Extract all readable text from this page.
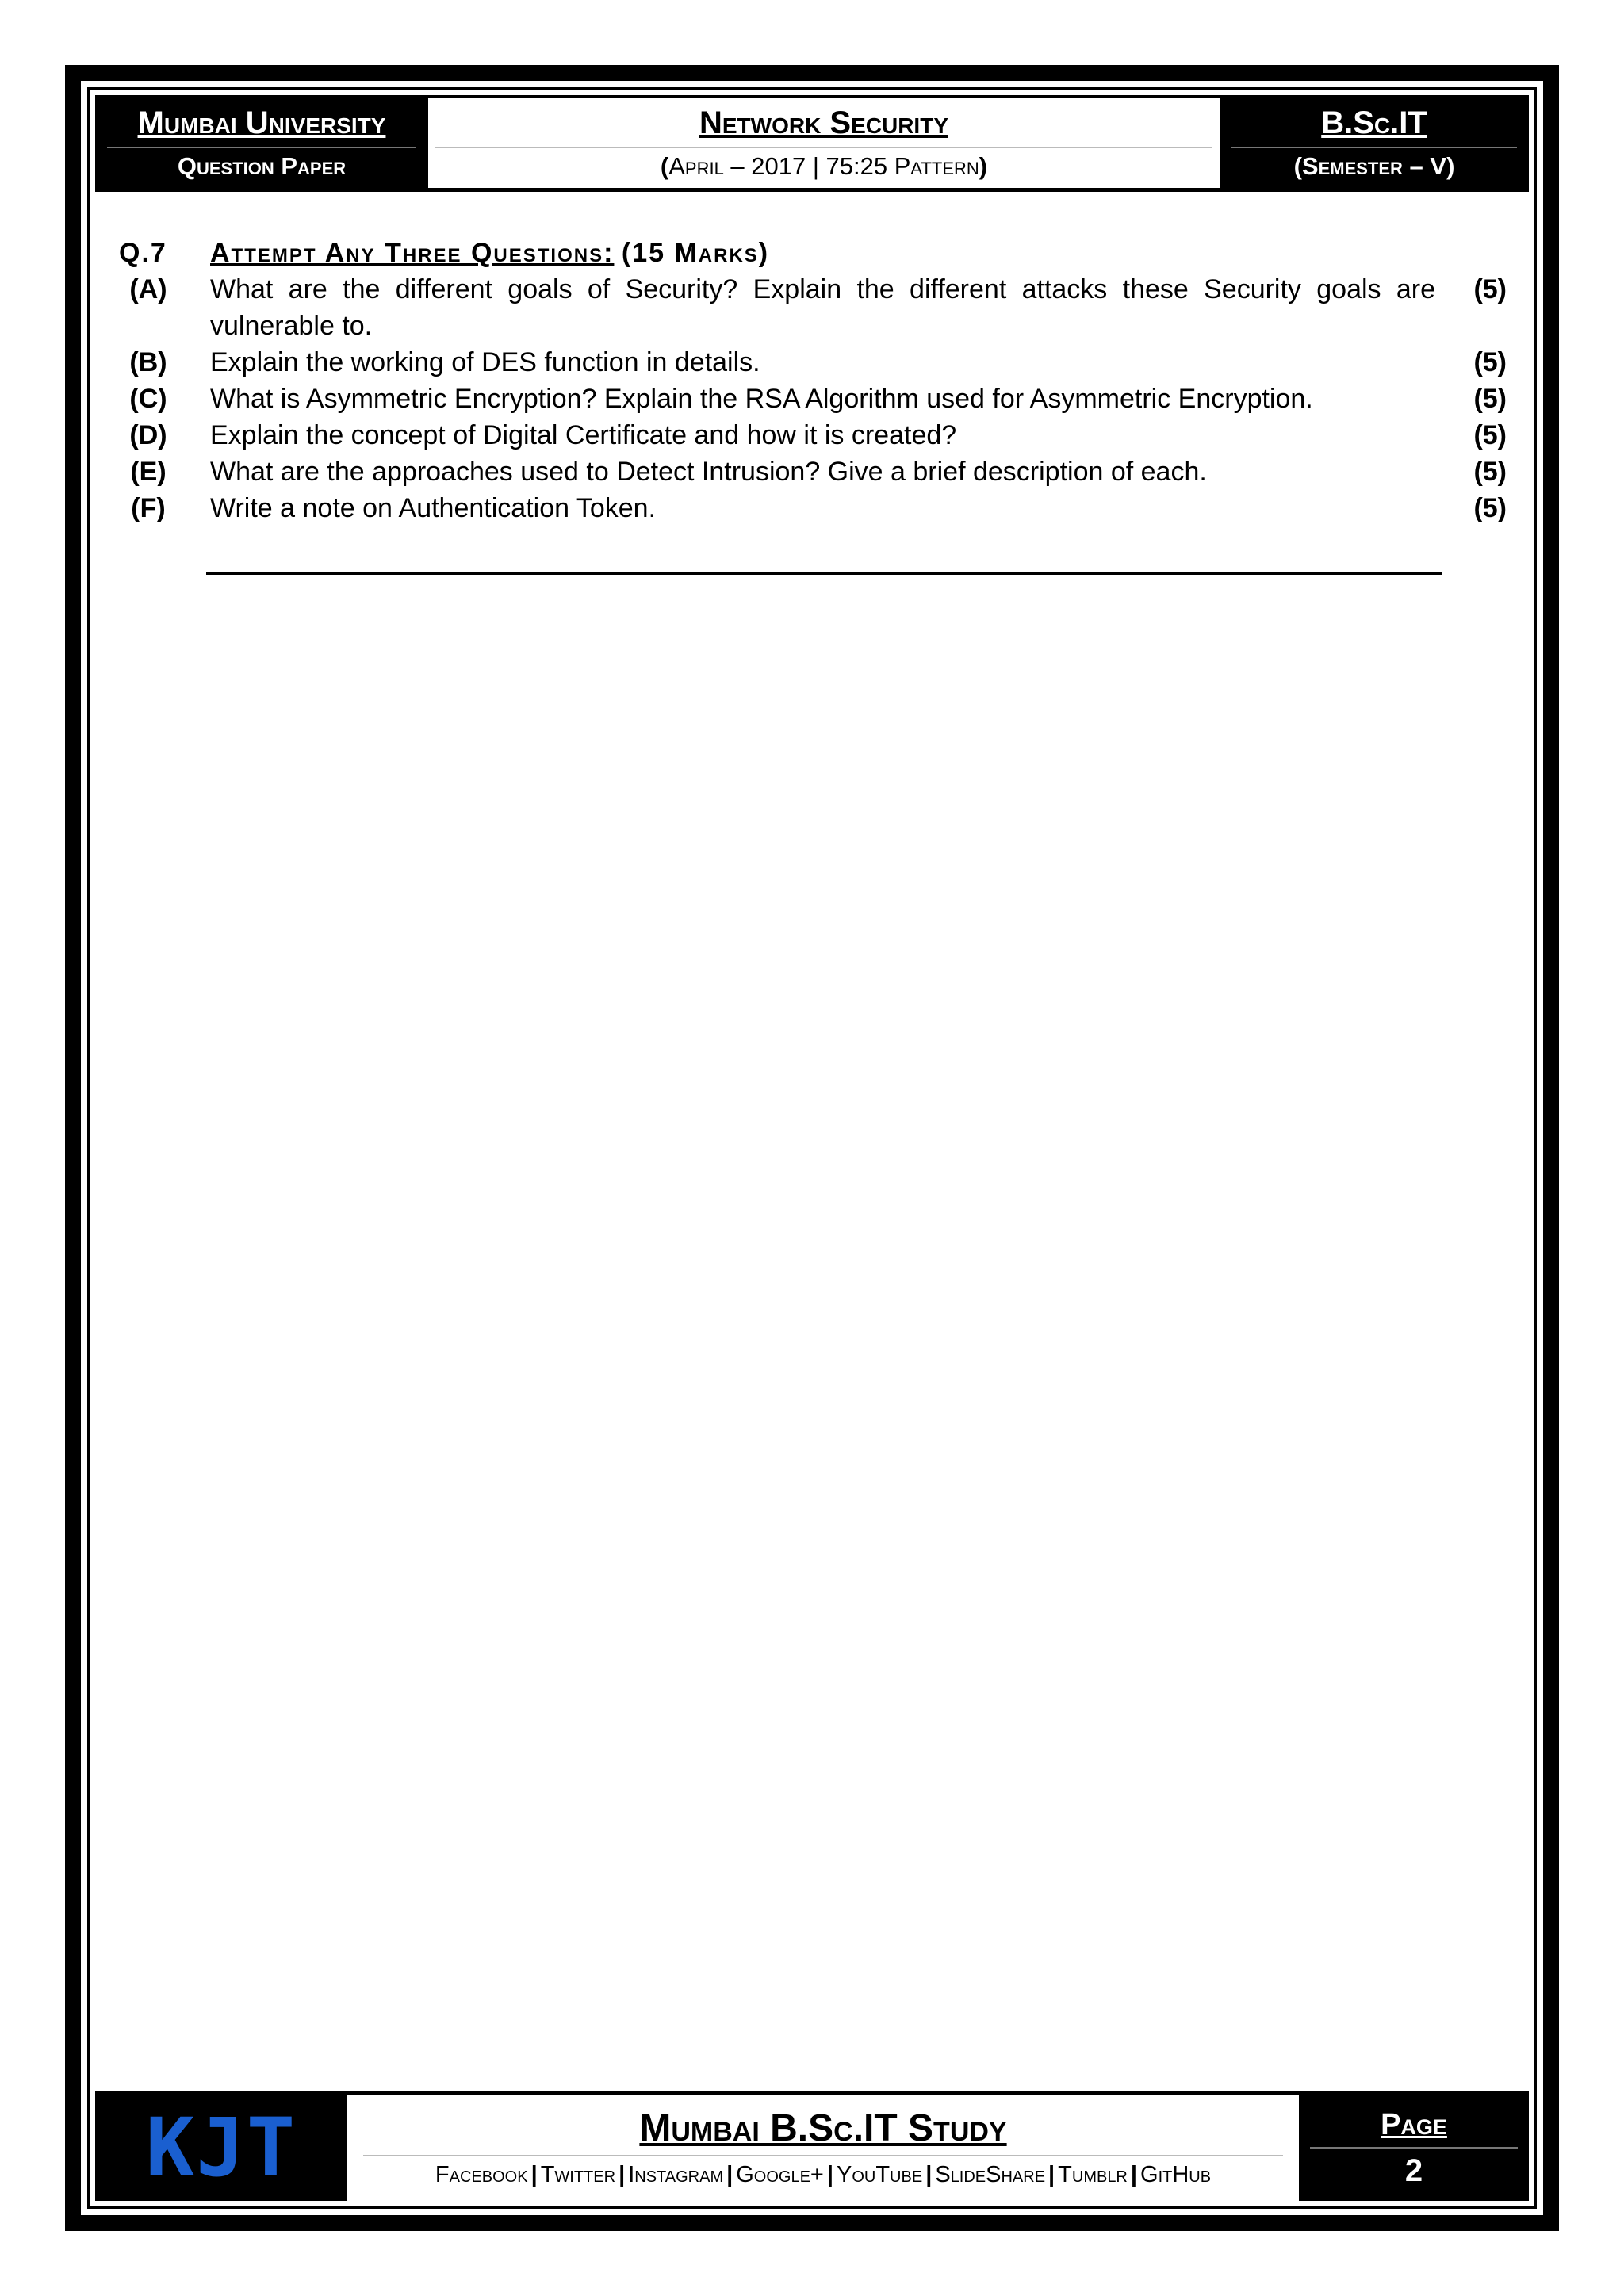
Mumbai University
Question Paper
Network Security
(April – 2017 | 75:25 Pattern)
B.Sc.IT
(Semester – V)
Q.7	Attempt Any Three Questions: (15 Marks)
(A)	What are the different goals of Security? Explain the different attacks these Security goals are vulnerable to.
(5)
(B)	Explain the working of DES function in details.	(5)
(C)	What is Asymmetric Encryption? Explain the RSA Algorithm used for Asymmetric Encryption.	(5)
(D)	Explain the concept of Digital Certificate and how it is created?	(5)
(E)	What are the approaches used to Detect Intrusion? Give a brief description of each.	(5)
(F)	Write a note on Authentication Token.	(5)
KJT	Mumbai B.Sc.IT Study
Facebook | Twitter | Instagram | Google+ | YouTube | SlideShare | Tumblr | GitHub
Page
2
